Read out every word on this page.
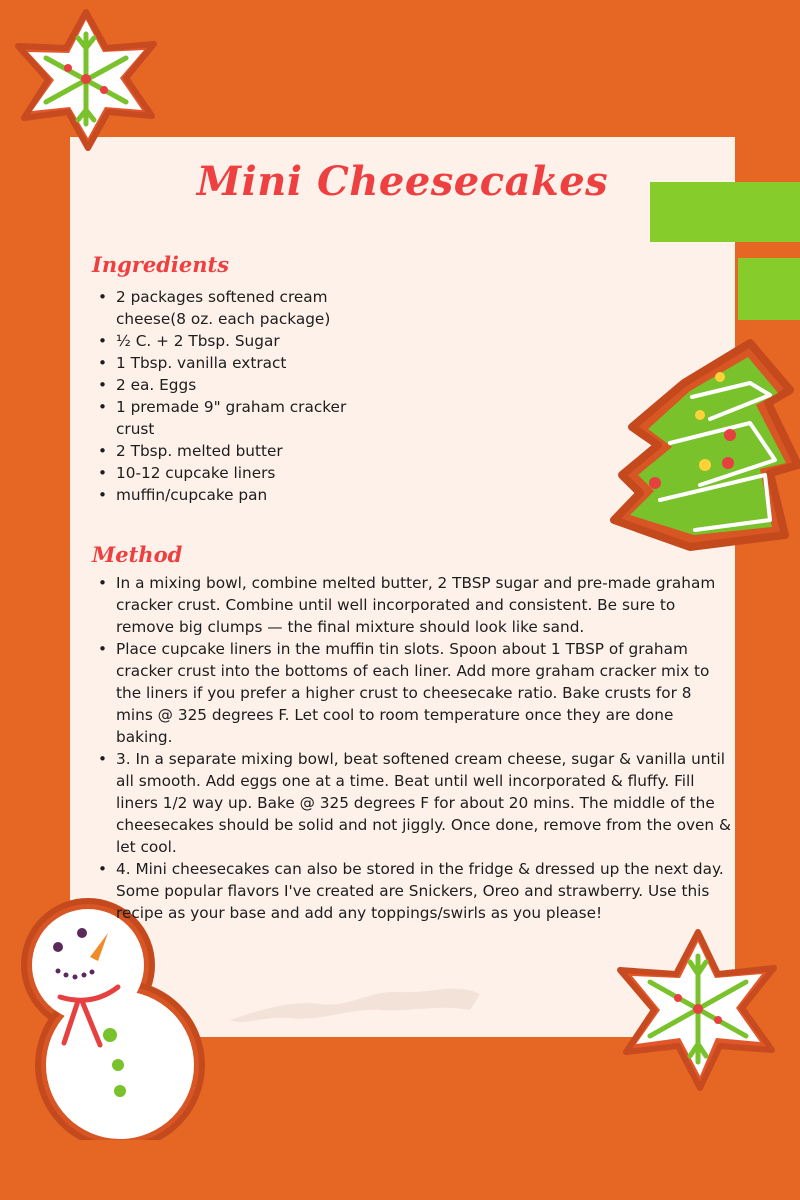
Mini Cheesecakes
Ingredients
• 2 packages softened cream cheese(8 oz. each package)
• ½ C. + 2 Tbsp. Sugar
• 1 Tbsp. vanilla extract
• 2 ea. Eggs
• 1 premade 9" graham cracker crust
• 2 Tbsp. melted butter
• 10-12 cupcake liners
• muffin/cupcake pan
Method
• In a mixing bowl, combine melted butter, 2 TBSP sugar and pre-made graham cracker crust. Combine until well incorporated and consistent. Be sure to remove big clumps — the final mixture should look like sand.
• Place cupcake liners in the muffin tin slots. Spoon about 1 TBSP of graham cracker crust into the bottoms of each liner. Add more graham cracker mix to the liners if you prefer a higher crust to cheesecake ratio. Bake crusts for 8 mins @ 325 degrees F. Let cool to room temperature once they are done baking.
• 3. In a separate mixing bowl, beat softened cream cheese, sugar & vanilla until all smooth. Add eggs one at a time. Beat until well incorporated & fluffy. Fill liners 1/2 way up. Bake @ 325 degrees F for about 20 mins. The middle of the cheesecakes should be solid and not jiggly. Once done, remove from the oven & let cool.
• 4. Mini cheesecakes can also be stored in the fridge & dressed up the next day. Some popular flavors I've created are Snickers, Oreo and strawberry. Use this recipe as your base and add any toppings/swirls as you please!
